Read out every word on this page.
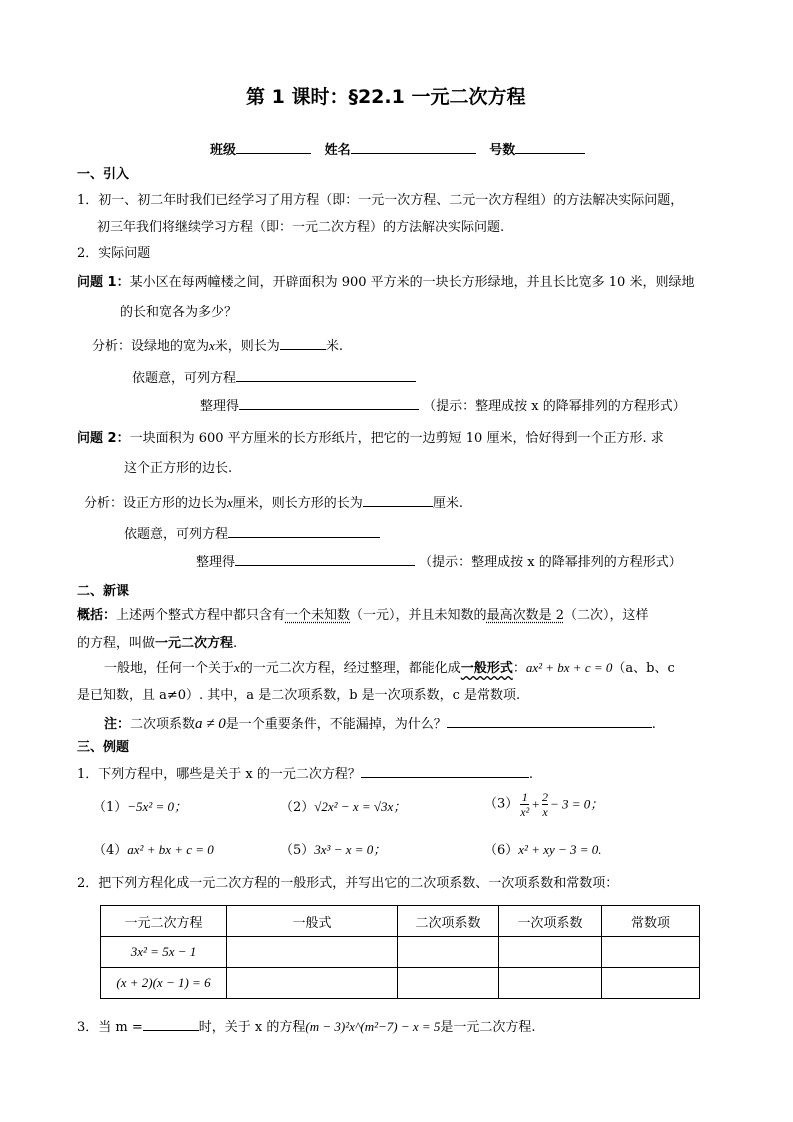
第 1 课时：§22.1 一元二次方程
班级	姓名	号数
一、引入
1．初一、初二年时我们已经学习了用方程（即：一元一次方程、二元一次方程组）的方法解决实际问题，
初三年我们将继续学习方程（即：一元二次方程）的方法解决实际问题.
2．实际问题
问题 1：某小区在每两幢楼之间，开辟面积为 900 平方米的一块长方形绿地，并且长比宽多 10 米，则绿地
的长和宽各为多少？
分析：设绿地的宽为x米，则长为	米.
依题意，可列方程
整理得	（提示：整理成按 x 的降幂排列的方程形式）
问题 2：一块面积为 600 平方厘米的长方形纸片，把它的一边剪短 10 厘米，恰好得到一个正方形. 求
这个正方形的边长.
分析：设正方形的边长为x厘米，则长方形的长为	厘米.
依题意，可列方程
整理得	（提示：整理成按 x 的降幂排列的方程形式）
二、新课
概括：上述两个整式方程中都只含有一个未知数（一元），并且未知数的最高次数是 2（二次），这样
的方程，叫做一元二次方程.
一般地，任何一个关于x的一元二次方程，经过整理，都能化成一般形式：ax² + bx + c = 0（a、b、c
是已知数，且 a≠0）. 其中，a 是二次项系数，b 是一次项系数，c 是常数项.
注：二次项系数a ≠ 0是一个重要条件，不能漏掉，为什么？	.
三、例题
1．下列方程中，哪些是关于 x 的一元二次方程？	.
（1）−5x² = 0；	（2）√2x² − x = √3x；	$(3) \frac{1}{\text{x²}} + \frac{2}{x} - 3 = 0$；
（4）ax² + bx + c = 0	（5）3x³ − x = 0；	（6）x² + xy − 3 = 0.
2．把下列方程化成一元二次方程的一般形式，并写出它的二次项系数、一次项系数和常数项：
一元二次方程	一般式	二次项系数	一次项系数	常数项
3x² = 5x − 1				
(x + 2)(x − 1) = 6				
3．当 m =	时，关于 x 的方程(m − 3)²x^(m²−7) − x = 5是一元二次方程.
